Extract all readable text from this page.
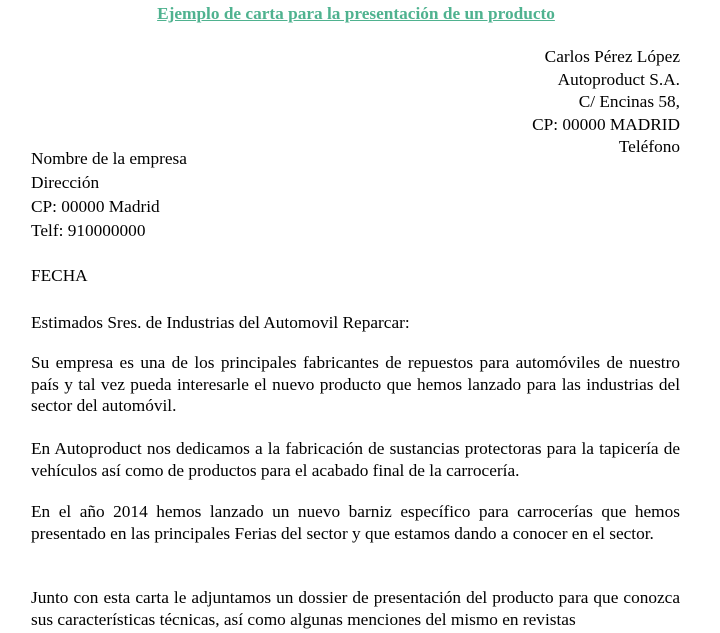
Ejemplo de carta para la presentación de un producto
Carlos Pérez López
Autoproduct S.A.
C/ Encinas 58,
CP: 00000 MADRID
Teléfono
Nombre de la empresa
Dirección
CP: 00000 Madrid
Telf: 910000000
FECHA
Estimados Sres. de Industrias del Automovil Reparcar:

Su empresa es una de los principales fabricantes de repuestos para automóviles de nuestro país y tal vez pueda interesarle el nuevo producto que hemos lanzado para las industrias del sector del automóvil.

En Autoproduct nos dedicamos a la fabricación de sustancias protectoras para la tapicería de vehículos así como de productos para el acabado final de la carrocería.

En el año 2014 hemos lanzado un nuevo barniz específico para carrocerías que hemos presentado en las principales Ferias del sector y que estamos dando a conocer en el sector.

Junto con esta carta le adjuntamos un dossier de presentación del producto para que conozca sus características técnicas, así como algunas menciones del mismo en revistas
